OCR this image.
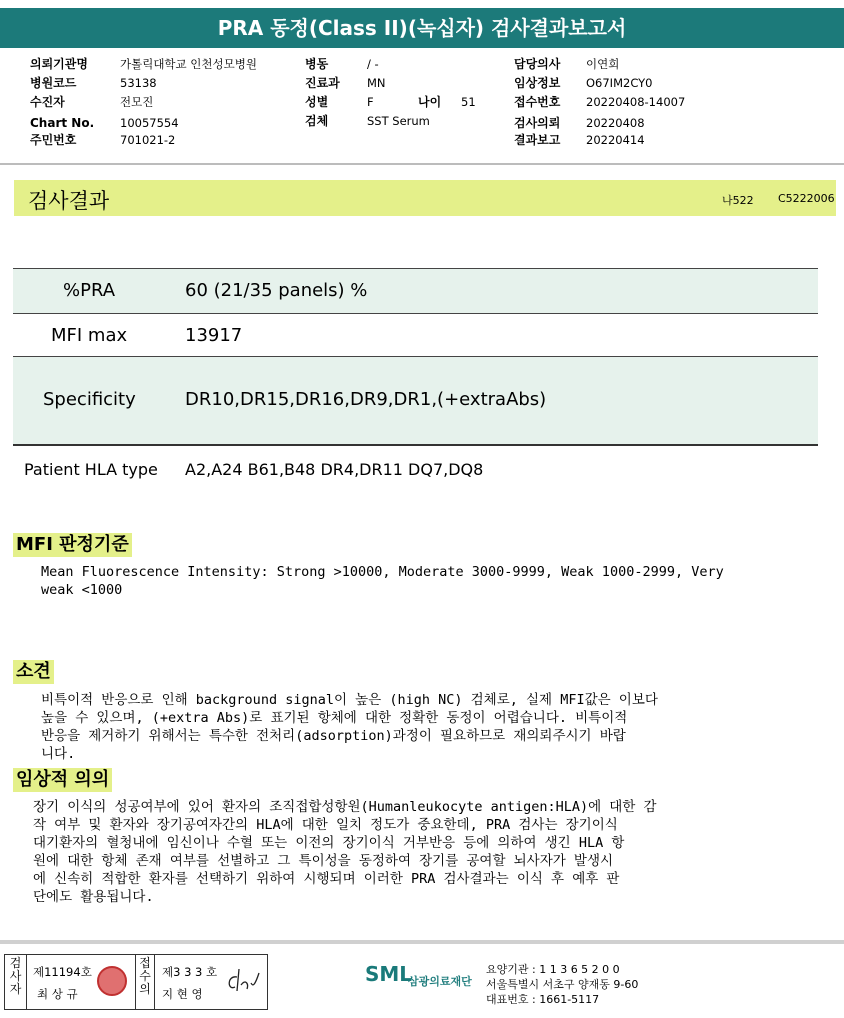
PRA 동정(Class II)(녹십자) 검사결과보고서
의뢰기관명	가톨릭대학교 인천성모병원
병원코드	53138
수진자	전모진
Chart No. 10057554
주민번호	701021-2
병동	/ -
진료과 MN
성별	F
검체	SST Serum
나이 51
담당의사 이연희
임상정보 O67IM2CY0
접수번호 20220408-14007
검사의뢰 20220408
결과보고 20220414
검사결과	나522 C5222006
%PRA	60 (21/35 panels) %
MFI max	13917
Specificity	DR10,DR15,DR16,DR9,DR1,(+extraAbs)
Patient HLA type A2,A24 B61,B48 DR4,DR11 DQ7,DQ8
MFI 판정기준
Mean Fluorescence Intensity: Strong >10000, Moderate 3000-9999, Weak 1000-2999, Very
weak <1000
소견
비특이적 반응으로 인해 background signal이 높은 (high NC) 검체로, 실제 MFI값은 이보다
높을 수 있으며, (+extra Abs)로 표기된 항체에 대한 정확한 동정이 어렵습니다. 비특이적
반응을 제거하기 위해서는 특수한 전처리(adsorption)과정이 필요하므로 재의뢰주시기 바랍
니다.
임상적 의의
장기 이식의 성공여부에 있어 환자의 조직접합성항원(Humanleukocyte antigen:HLA)에 대한 감
작 여부 및 환자와 장기공여자간의 HLA에 대한 일치 정도가 중요한데, PRA 검사는 장기이식
대기환자의 혈청내에 임신이나 수혈 또는 이전의 장기이식 거부반응 등에 의하여 생긴 HLA 항
원에 대한 항체 존재 여부를 선별하고 그 특이성을 동정하여 장기를 공여할 뇌사자가 발생시
에 신속히 적합한 환자를 선택하기 위하여 시행되며 이러한 PRA 검사결과는 이식 후 예후 판
단에도 활용됩니다.
검사자
제11194호
최 상 규
접수의
제3 3 3 호
지 현 영
SML
삼광의료재단
요양기관 : 1 1 3 6 5 2 0 0
서울특별시 서초구 양재동 9-60
대표번호 : 1661-5117
